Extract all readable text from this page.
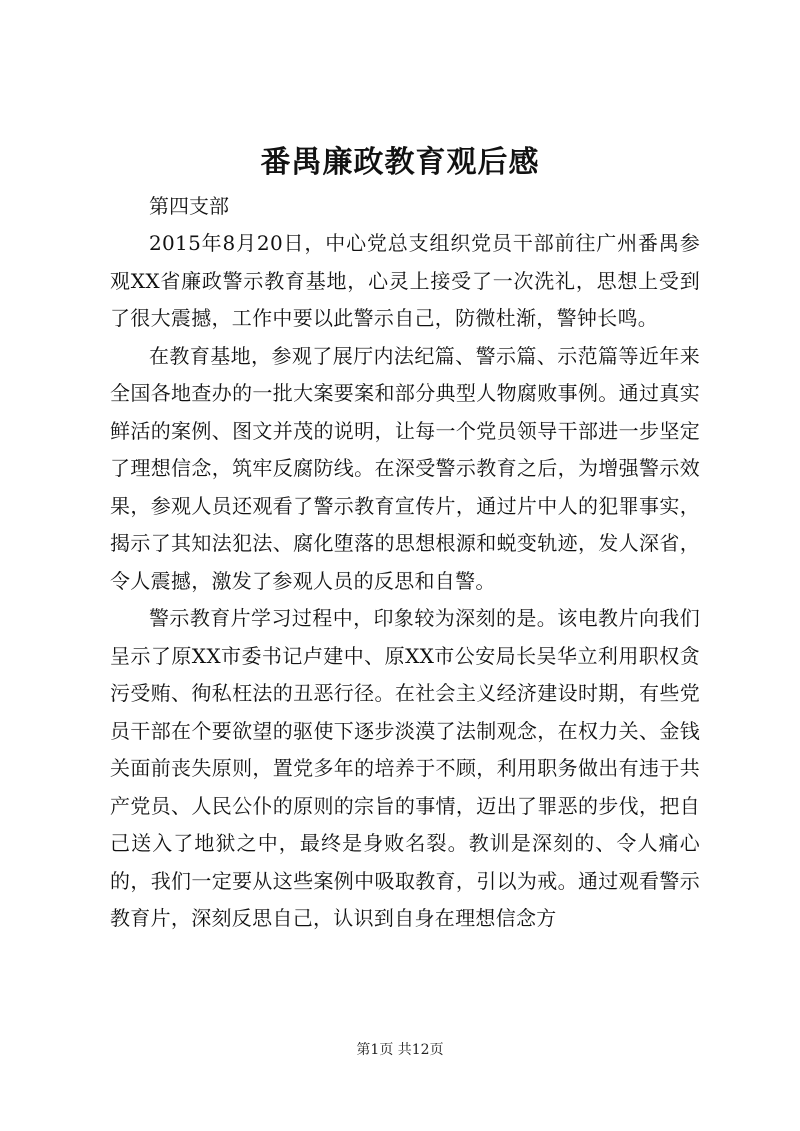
番禺廉政教育观后感

第四支部

2015年8月20日，中心党总支组织党员干部前往广州番禺参观XX省廉政警示教育基地，心灵上接受了一次洗礼，思想上受到了很大震撼，工作中要以此警示自己，防微杜渐，警钟长鸣。

在教育基地，参观了展厅内法纪篇、警示篇、示范篇等近年来全国各地查办的一批大案要案和部分典型人物腐败事例。通过真实鲜活的案例、图文并茂的说明，让每一个党员领导干部进一步坚定了理想信念，筑牢反腐防线。在深受警示教育之后，为增强警示效果，参观人员还观看了警示教育宣传片，通过片中人的犯罪事实，揭示了其知法犯法、腐化堕落的思想根源和蜕变轨迹，发人深省，令人震撼，激发了参观人员的反思和自警。

警示教育片学习过程中，印象较为深刻的是。该电教片向我们呈示了原XX市委书记卢建中、原XX市公安局长吴华立利用职权贪污受贿、徇私枉法的丑恶行径。在社会主义经济建设时期，有些党员干部在个要欲望的驱使下逐步淡漠了法制观念，在权力关、金钱关面前丧失原则，置党多年的培养于不顾，利用职务做出有违于共产党员、人民公仆的原则的宗旨的事情，迈出了罪恶的步伐，把自己送入了地狱之中，最终是身败名裂。教训是深刻的、令人痛心的，我们一定要从这些案例中吸取教育，引以为戒。通过观看警示教育片，深刻反思自己，认识到自身在理想信念方

第1页 共12页
